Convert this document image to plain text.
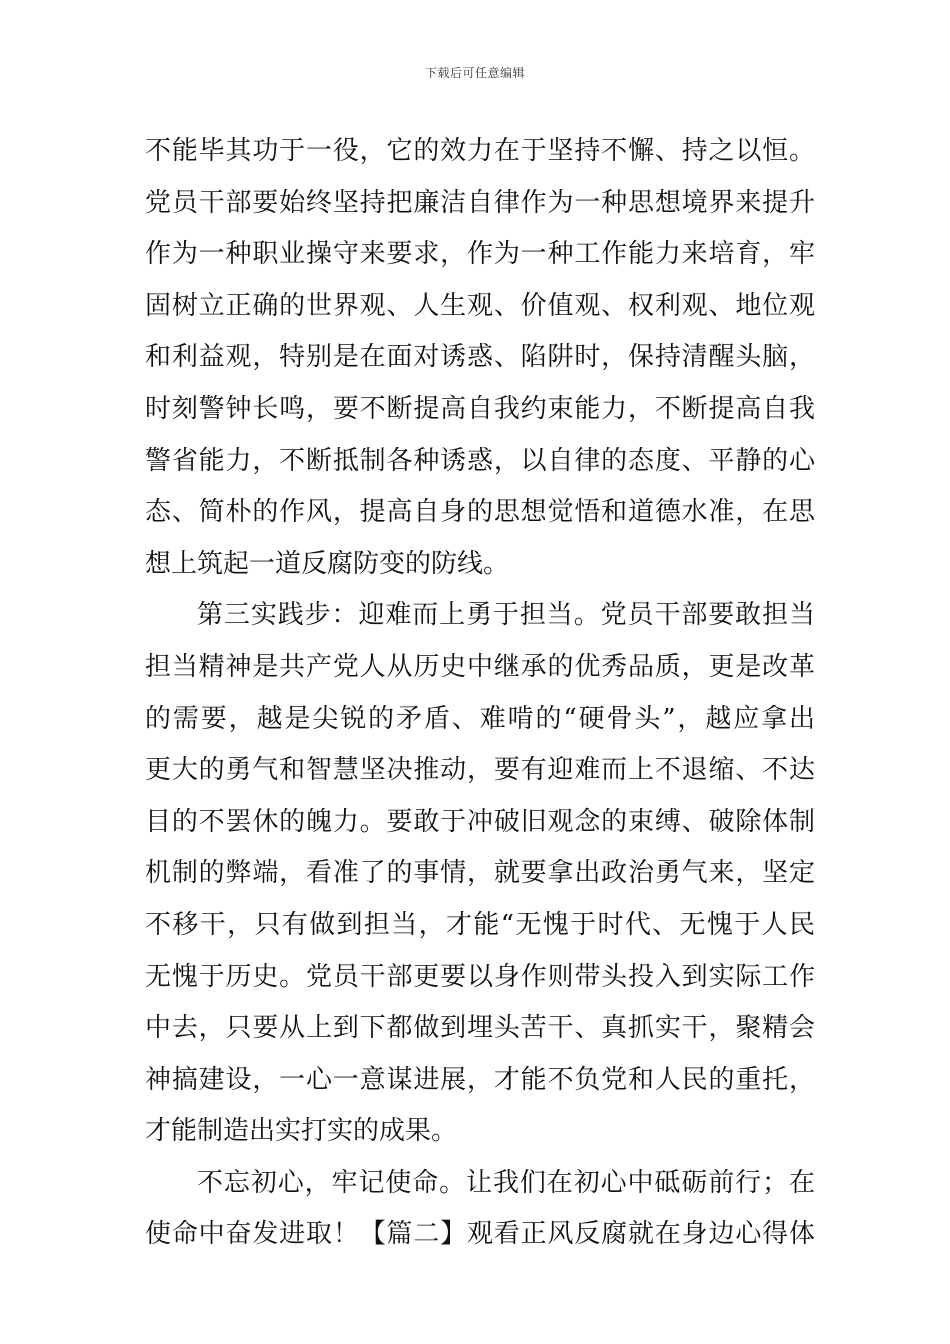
下载后可任意编辑
不能毕其功于一役，它的效力在于坚持不懈、持之以恒。
党员干部要始终坚持把廉洁自律作为一种思想境界来提升
作为一种职业操守来要求，作为一种工作能力来培育，牢
固树立正确的世界观、人生观、价值观、权利观、地位观
和利益观，特别是在面对诱惑、陷阱时，保持清醒头脑，
时刻警钟长鸣，要不断提高自我约束能力，不断提高自我
警省能力，不断抵制各种诱惑，以自律的态度、平静的心
态、简朴的作风，提高自身的思想觉悟和道德水准，在思
想上筑起一道反腐防变的防线。
第三实践步：迎难而上勇于担当。党员干部要敢担当
担当精神是共产党人从历史中继承的优秀品质，更是改革
的需要，越是尖锐的矛盾、难啃的“硬骨头”，越应拿出
更大的勇气和智慧坚决推动，要有迎难而上不退缩、不达
目的不罢休的魄力。要敢于冲破旧观念的束缚、破除体制
机制的弊端，看准了的事情，就要拿出政治勇气来，坚定
不移干，只有做到担当，才能“无愧于时代、无愧于人民
无愧于历史。党员干部更要以身作则带头投入到实际工作
中去，只要从上到下都做到埋头苦干、真抓实干，聚精会
神搞建设，一心一意谋进展，才能不负党和人民的重托，
才能制造出实打实的成果。
不忘初心，牢记使命。让我们在初心中砥砺前行；在
使命中奋发进取！【篇二】观看正风反腐就在身边心得体
